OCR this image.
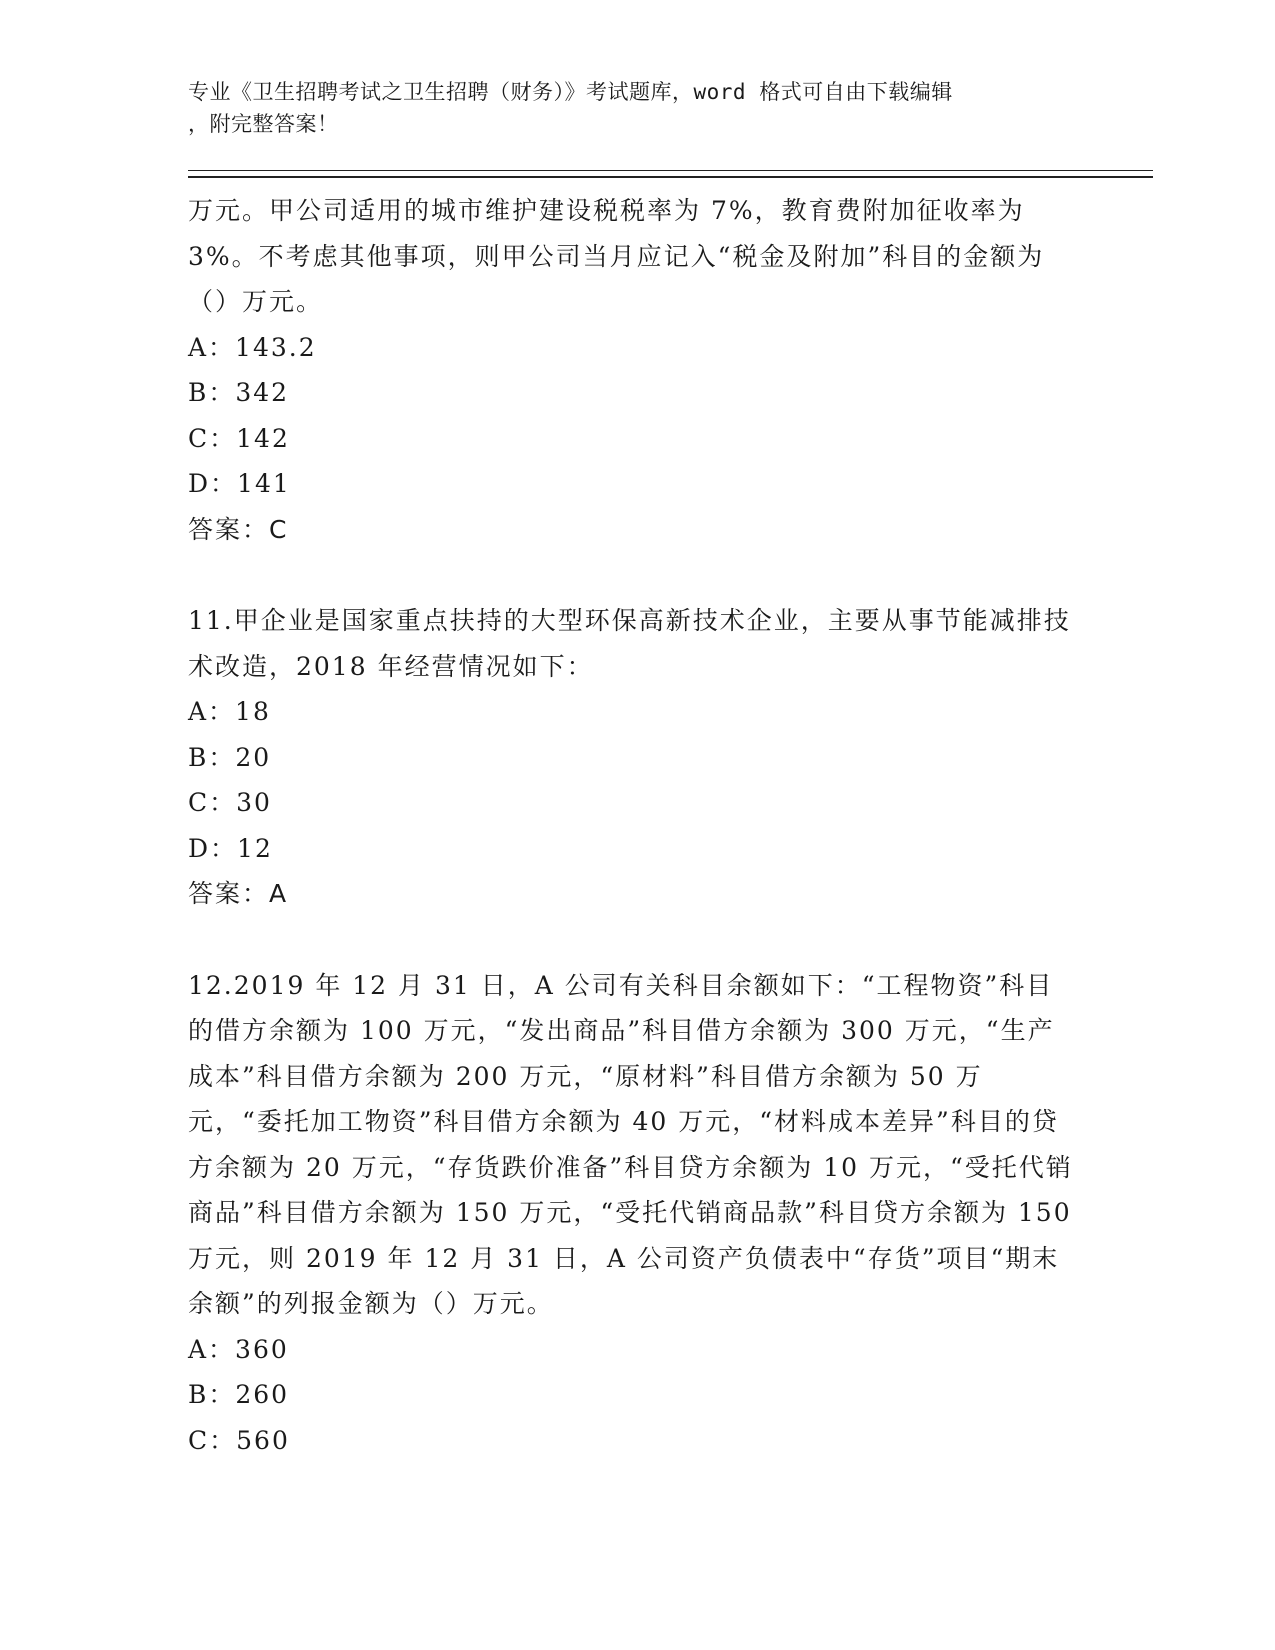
专业《卫生招聘考试之卫生招聘（财务）》考试题库，word 格式可自由下载编辑
，附完整答案！

万元。甲公司适用的城市维护建设税税率为 7%，教育费附加征收率为 3%。不考虑其他事项，则甲公司当月应记入“税金及附加”科目的金额为（）万元。

A：143.2

B：342

C：142

D：141

答案：C

11.甲企业是国家重点扶持的大型环保高新技术企业，主要从事节能减排技术改造，2018 年经营情况如下：

A：18

B：20

C：30

D：12

答案：A

12.2019 年 12 月 31 日，A 公司有关科目余额如下：“工程物资”科目的借方余额为 100 万元，“发出商品”科目借方余额为 300 万元，“生产成本”科目借方余额为 200 万元，“原材料”科目借方余额为 50 万元，“委托加工物资”科目借方余额为 40 万元，“材料成本差异”科目的贷方余额为 20 万元，“存货跌价准备”科目贷方余额为 10 万元，“受托代销商品”科目借方余额为 150 万元，“受托代销商品款”科目贷方余额为 150 万元，则 2019 年 12 月 31 日，A 公司资产负债表中“存货”项目“期末余额”的列报金额为（）万元。

A：360

B：260

C：560
